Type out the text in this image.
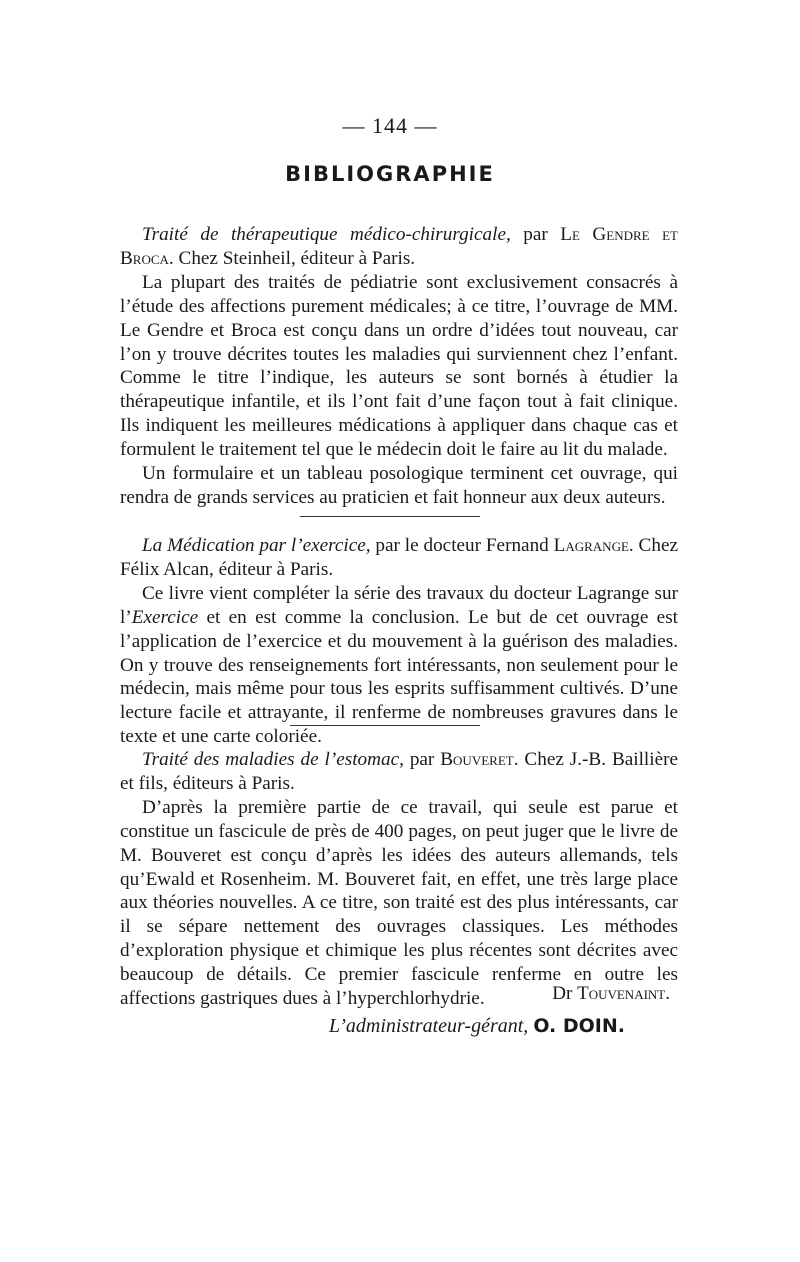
— 144 —
BIBLIOGRAPHIE

Traité de thérapeutique médico-chirurgicale, par Le Gendre et Broca. Chez Steinheil, éditeur à Paris.

La plupart des traités de pédiatrie sont exclusivement consacrés à l’étude des affections purement médicales; à ce titre, l’ouvrage de MM. Le Gendre et Broca est conçu dans un ordre d’idées tout nouveau, car l’on y trouve décrites toutes les maladies qui surviennent chez l’enfant. Comme le titre l’indique, les auteurs se sont bornés à étudier la thérapeutique infantile, et ils l’ont fait d’une façon tout à fait clinique. Ils indiquent les meilleures médications à appliquer dans chaque cas et formulent le traitement tel que le médecin doit le faire au lit du malade.

Un formulaire et un tableau posologique terminent cet ouvrage, qui rendra de grands services au praticien et fait honneur aux deux auteurs.

La Médication par l’exercice, par le docteur Fernand Lagrange. Chez Félix Alcan, éditeur à Paris.

Ce livre vient compléter la série des travaux du docteur Lagrange sur l’Exercice et en est comme la conclusion. Le but de cet ouvrage est l’application de l’exercice et du mouvement à la guérison des maladies. On y trouve des renseignements fort intéressants, non seulement pour le médecin, mais même pour tous les esprits suffisamment cultivés. D’une lecture facile et attrayante, il renferme de nombreuses gravures dans le texte et une carte coloriée.

Traité des maladies de l’estomac, par Bouveret. Chez J.-B. Baillière et fils, éditeurs à Paris.

D’après la première partie de ce travail, qui seule est parue et constitue un fascicule de près de 400 pages, on peut juger que le livre de M. Bouveret est conçu d’après les idées des auteurs allemands, tels qu’Ewald et Rosenheim. M. Bouveret fait, en effet, une très large place aux théories nouvelles. A ce titre, son traité est des plus intéressants, car il se sépare nettement des ouvrages classiques. Les méthodes d’exploration physique et chimique les plus récentes sont décrites avec beaucoup de détails. Ce premier fascicule renferme en outre les affections gastriques dues à l’hyperchlorhydrie.	Dr Touvenaint.
L’administrateur-gérant, O. DOIN.
